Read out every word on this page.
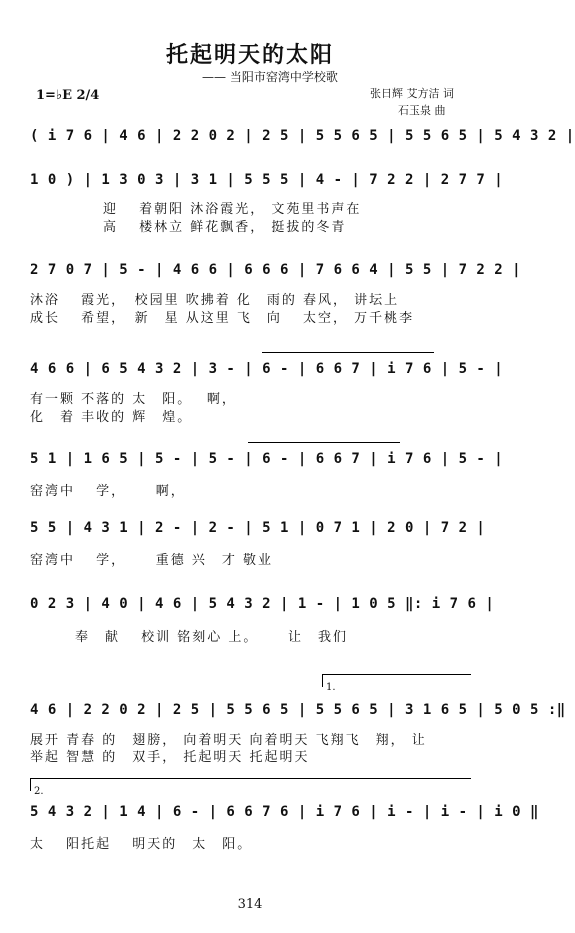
托起明天的太阳
—— 当阳市窑湾中学校歌
1=♭E 2/4	张日辉 艾方洁 词
石玉泉 曲
( i 7 6 | 4 6 | 2 2 0 2 | 2 5 | 5 5 6 5 | 5 5 6 5 | 5 4 3 2 |
1 0 ) | 1 3 0 3 | 3 1 | 5 5 5 | 4 - | 7 2 2 | 2 7 7 |
迎　 着朝阳 沐浴霞光， 文苑里书声在
高　 楼林立 鲜花飘香， 挺拔的冬青
2 7 0 7 | 5 - | 4 6 6 | 6 6 6 | 7 6 6 4 | 5 5 | 7 2 2 |
沐浴　 霞光，　校园里 吹拂着 化　雨的 春风， 讲坛上
成长　 希望，　新　星 从这里 飞　向　 太空， 万千桃李
4 6 6 | 6 5 4 3 2 | 3 - | 6 - | 6 6 7 | i 7 6 | 5 - |
有一颗 不落的 太　阳。　 啊，
化　着 丰收的 辉　煌。
5 1 | 1 6 5 | 5 - | 5 - | 6 - | 6 6 7 | i 7 6 | 5 - |
窑湾中　 学，　　 啊，
5 5 | 4 3 1 | 2 - | 2 - | 5 1 | 0 7 1 | 2 0 | 7 2 |
窑湾中　 学，　　 重德 兴　才 敬业
0 2 3 | 4 0 | 4 6 | 5 4 3 2 | 1 - | 1 0 5 ‖: i 7 6 |
奉　献　 校训 铭刻心 上。　　 让　我们
1.
4 6 | 2 2 0 2 | 2 5 | 5 5 6 5 | 5 5 6 5 | 3 1 6 5 | 5 0 5 :‖
展开 青春 的　翅膀， 向着明天 向着明天 飞翔飞　翔， 让
举起 智慧 的　双手， 托起明天 托起明天
2.
5 4 3 2 | 1 4 | 6 - | 6 6 7 6 | i 7 6 | i - | i - | i 0 ‖
太　 阳托起　 明天的　太　阳。
314
